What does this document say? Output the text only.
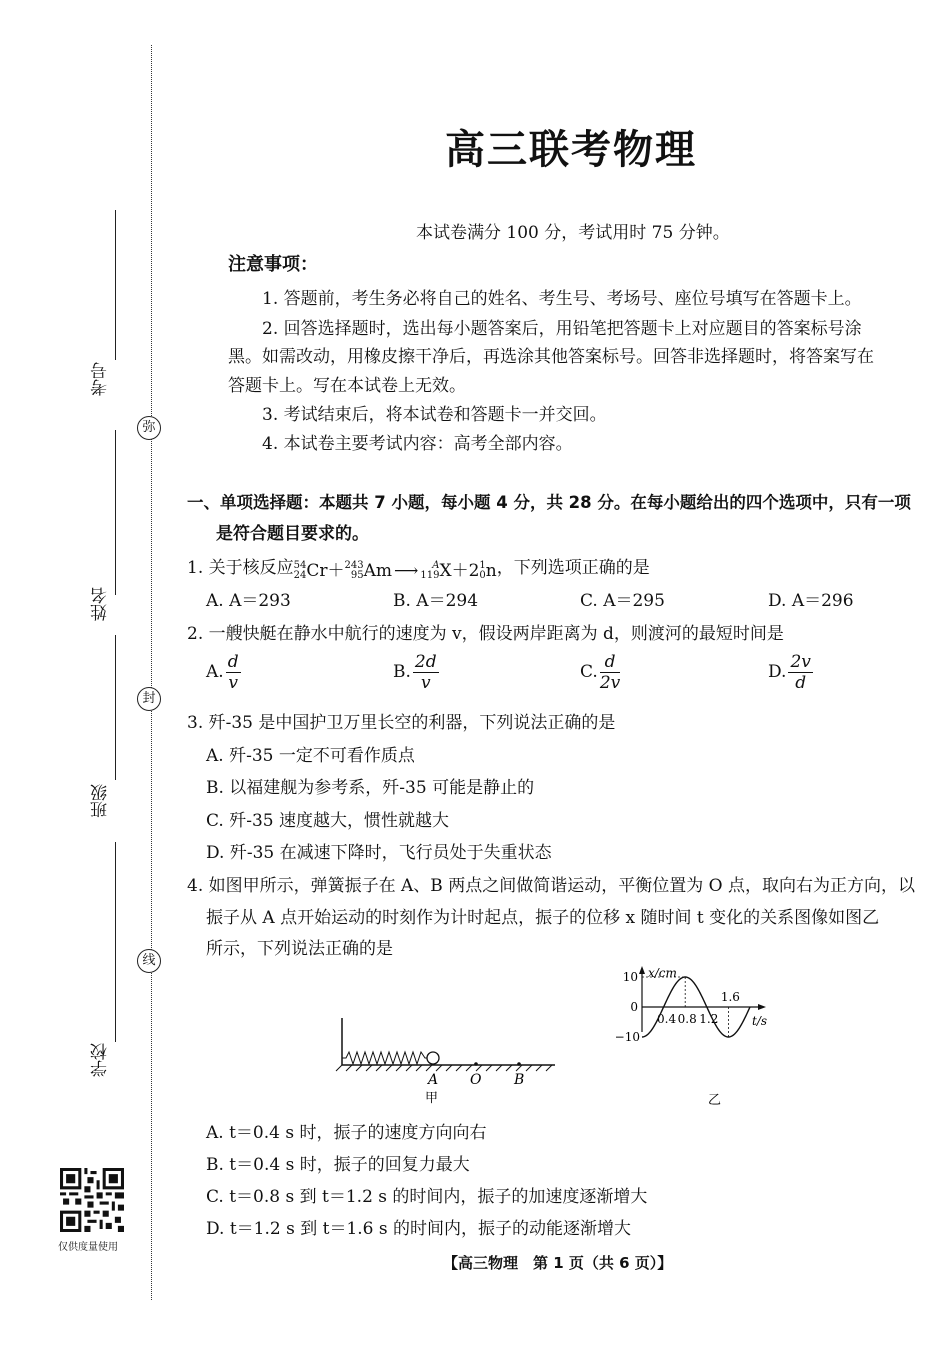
考号
姓名
班级
学校
弥
封
线
仅供度量使用
高三联考物理
本试卷满分 100 分，考试用时 75 分钟。
注意事项：
1. 答题前，考生务必将自己的姓名、考生号、考场号、座位号填写在答题卡上。
2. 回答选择题时，选出每小题答案后，用铅笔把答题卡上对应题目的答案标号涂
黑。如需改动，用橡皮擦干净后，再选涂其他答案标号。回答非选择题时，将答案写在
答题卡上。写在本试卷上无效。
3. 考试结束后，将本试卷和答题卡一并交回。
4. 本试卷主要考试内容：高考全部内容。
一、单项选择题：本题共 7 小题，每小题 4 分，共 28 分。在每小题给出的四个选项中，只有一项
是符合题目要求的。
1. 关于核反应 54
24 Cr＋ 243
95 Am ⟶	A
119 X＋2 1
0 n，下列选项正确的是
A. A＝293	B. A＝294	C. A＝295	D. A＝296
2. 一艘快艇在静水中航行的速度为 v，假设两岸距离为 d，则渡河的最短时间是
A. $\frac{d}{v}$	B. $\frac{2d}{v}$	C. $\frac{d}{2v}$	D. $\frac{2v}{d}$
3. 歼-35 是中国护卫万里长空的利器，下列说法正确的是
A. 歼-35 一定不可看作质点
B. 以福建舰为参考系，歼-35 可能是静止的
C. 歼-35 速度越大，惯性就越大
D. 歼-35 在减速下降时，飞行员处于失重状态
4. 如图甲所示，弹簧振子在 A、B 两点之间做简谐运动，平衡位置为 O 点，取向右为正方向，以
振子从 A 点开始运动的时刻作为计时起点，振子的位移 x 随时间 t 变化的关系图像如图乙
所示，下列说法正确的是
A O B
甲
x/cm
t/s
10
0
−10
0.4 0.8 1.2
1.6
乙
A. t＝0.4 s 时，振子的速度方向向右
B. t＝0.4 s 时，振子的回复力最大
C. t＝0.8 s 到 t＝1.2 s 的时间内，振子的加速度逐渐增大
D. t＝1.2 s 到 t＝1.6 s 的时间内，振子的动能逐渐增大
【高三物理　第 1 页（共 6 页）】
